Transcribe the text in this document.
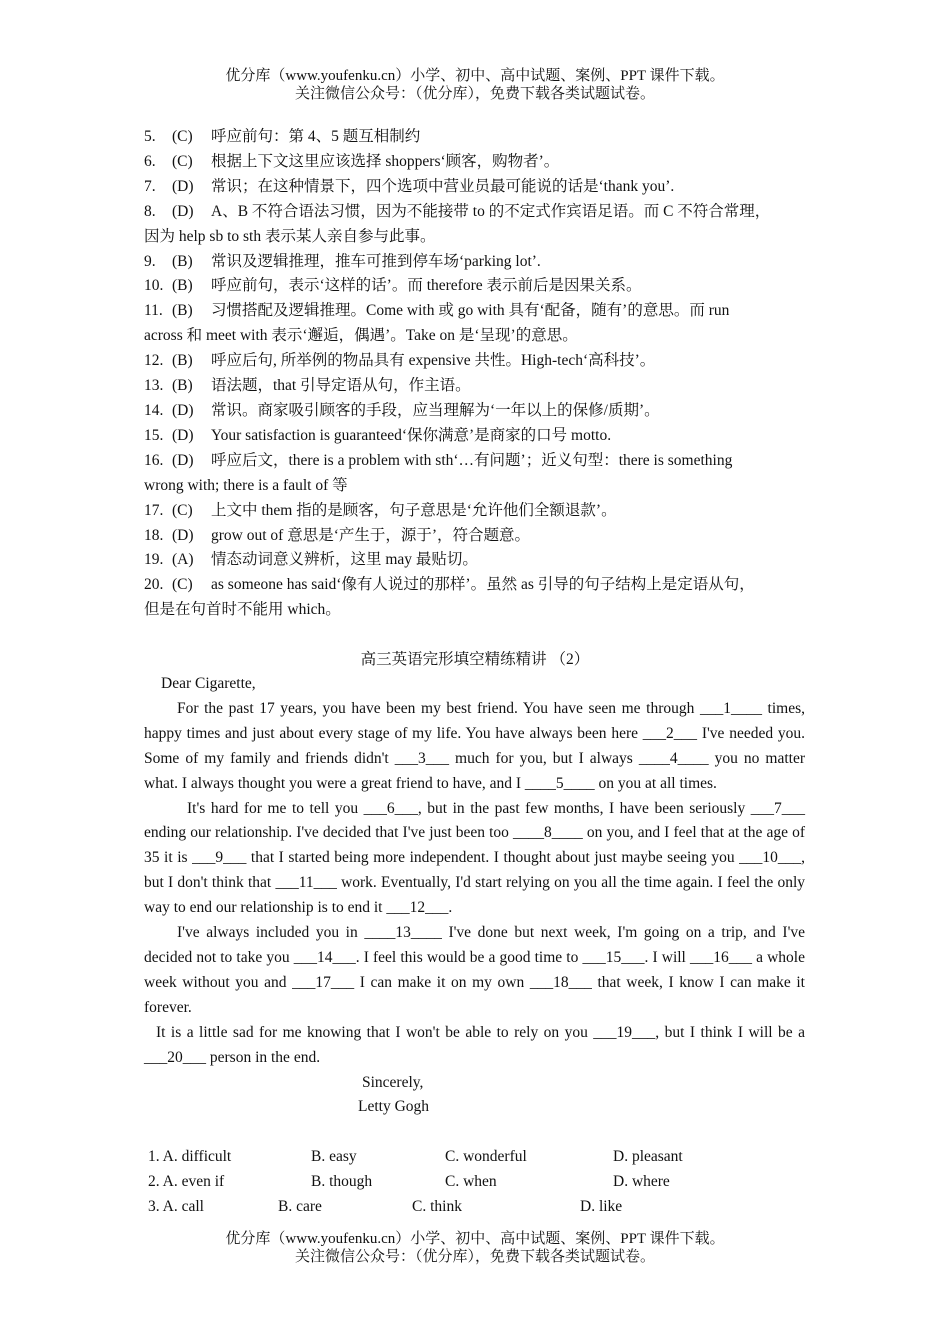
优分库（www.youfenku.cn）小学、初中、高中试题、案例、PPT 课件下载。
关注微信公众号：（优分库），免费下载各类试题试卷。
5.	(C)	呼应前句：第 4、5 题互相制约
6.	(C)	根据上下文这里应该选择 shoppers‘顾客，购物者’。
7.	(D)	常识；在这种情景下，四个选项中营业员最可能说的话是‘thank you’.
8.	(D)	A、B 不符合语法习惯，因为不能接带 to 的不定式作宾语足语。而 C 不符合常理，
因为 help sb to sth 表示某人亲自参与此事。
9.	(B)	常识及逻辑推理，推车可推到停车场‘parking lot’.
10. (B)	呼应前句，表示‘这样的话’。而 therefore 表示前后是因果关系。
11. (B)	习惯搭配及逻辑推理。Come with 或 go with 具有‘配备，随有’的意思。而 run
across 和 meet with 表示‘邂逅，偶遇’。Take on 是‘呈现’的意思。
12. (B)	呼应后句, 所举例的物品具有 expensive 共性。High-tech‘高科技’。
13. (B)	语法题，that 引导定语从句，作主语。
14. (D)	常识。商家吸引顾客的手段，应当理解为‘一年以上的保修/质期’。
15. (D)	Your satisfaction is guaranteed‘保你满意’是商家的口号 motto.
16. (D)	呼应后文，there is a problem with sth‘…有问题’；近义句型：there is something
wrong with; there is a fault of 等
17. (C)	上文中 them 指的是顾客，句子意思是‘允许他们全额退款’。
18. (D)	grow out of 意思是‘产生于，源于’，符合题意。
19. (A)	情态动词意义辨析，这里 may 最贴切。
20. (C)	as someone has said‘像有人说过的那样’。虽然 as 引导的句子结构上是定语从句，
但是在句首时不能用 which。
高三英语完形填空精练精讲 （2）

Dear Cigarette,

For the past 17 years, you have been my best friend. You have seen me through ___1____ times, happy times and just about every stage of my life. You have always been here ___2___ I've needed you. Some of my family and friends didn't ___3___ much for you, but I always ____4____ you no matter what. I always thought you were a great friend to have, and I ____5____ on you at all times.

It's hard for me to tell you ___6___, but in the past few months, I have been seriously ___7___ ending our relationship. I've decided that I've just been too ____8____ on you, and I feel that at the age of 35 it is ___9___ that I started being more independent. I thought about just maybe seeing you ___10___, but I don't think that ___11___ work. Eventually, I'd start relying on you all the time again. I feel the only way to end our relationship is to end it ___12___.

I've always included you in ____13____ I've done but next week, I'm going on a trip, and I've decided not to take you ___14___. I feel this would be a good time to ___15___. I will ___16___ a whole week without you and ___17___ I can make it on my own ___18___ that week, I know I can make it forever.

It is a little sad for me knowing that I won't be able to rely on you ___19___, but I think I will be a ___20___ person in the end.

Sincerely,

Letty Gogh

1. A. difficult	B. easy	C. wonderful	D. pleasant
2. A. even if	B. though	C. when	D. where
3. A. call	B. care	C. think	D. like
优分库（www.youfenku.cn）小学、初中、高中试题、案例、PPT 课件下载。
关注微信公众号：（优分库），免费下载各类试题试卷。
